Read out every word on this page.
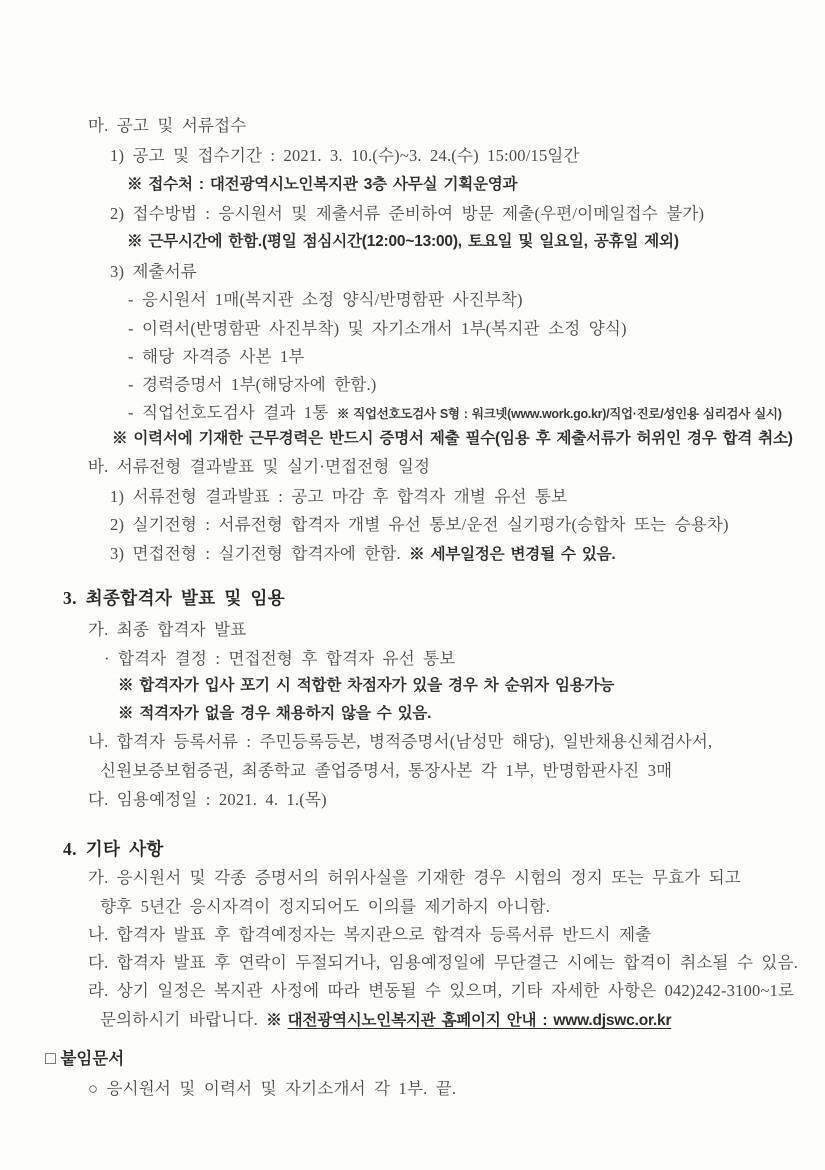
마. 공고 및 서류접수
1) 공고 및 접수기간 : 2021. 3. 10.(수)~3. 24.(수) 15:00/15일간
※ 접수처 : 대전광역시노인복지관 3층 사무실 기획운영과
2) 접수방법 : 응시원서 및 제출서류 준비하여 방문 제출(우편/이메일접수 불가)
※ 근무시간에 한함.(평일 점심시간(12:00~13:00), 토요일 및 일요일, 공휴일 제외)
3) 제출서류
- 응시원서 1매(복지관 소정 양식/반명함판 사진부착)
- 이력서(반명함판 사진부착) 및 자기소개서 1부(복지관 소정 양식)
- 해당 자격증 사본 1부
- 경력증명서 1부(해당자에 한함.)
- 직업선호도검사 결과 1통 ※ 직업선호도검사 S형 : 워크넷(www.work.go.kr)/직업·진로/성인용 심리검사 실시)
※ 이력서에 기재한 근무경력은 반드시 증명서 제출 필수(임용 후 제출서류가 허위인 경우 합격 취소)
바. 서류전형 결과발표 및 실기·면접전형 일정
1) 서류전형 결과발표 : 공고 마감 후 합격자 개별 유선 통보
2) 실기전형 : 서류전형 합격자 개별 유선 통보/운전 실기평가(승합차 또는 승용차)
3) 면접전형 : 실기전형 합격자에 한함. ※ 세부일정은 변경될 수 있음.
3. 최종합격자 발표 및 임용
가. 최종 합격자 발표
· 합격자 결정 : 면접전형 후 합격자 유선 통보
※ 합격자가 입사 포기 시 적합한 차점자가 있을 경우 차 순위자 임용가능
※ 적격자가 없을 경우 채용하지 않을 수 있음.
나. 합격자 등록서류 : 주민등록등본, 병적증명서(남성만 해당), 일반채용신체검사서,
신원보증보험증권, 최종학교 졸업증명서, 통장사본 각 1부, 반명함판사진 3매
다. 임용예정일 : 2021. 4. 1.(목)
4. 기타 사항
가. 응시원서 및 각종 증명서의 허위사실을 기재한 경우 시험의 정지 또는 무효가 되고
향후 5년간 응시자격이 정지되어도 이의를 제기하지 아니함.
나. 합격자 발표 후 합격예정자는 복지관으로 합격자 등록서류 반드시 제출
다. 합격자 발표 후 연락이 두절되거나, 임용예정일에 무단결근 시에는 합격이 취소될 수 있음.
라. 상기 일정은 복지관 사정에 따라 변동될 수 있으며, 기타 자세한 사항은 042)242-3100~1로
문의하시기 바랍니다. ※ 대전광역시노인복지관 홈페이지 안내 : www.djswc.or.kr
□ 붙임문서
○ 응시원서 및 이력서 및 자기소개서 각 1부. 끝.
